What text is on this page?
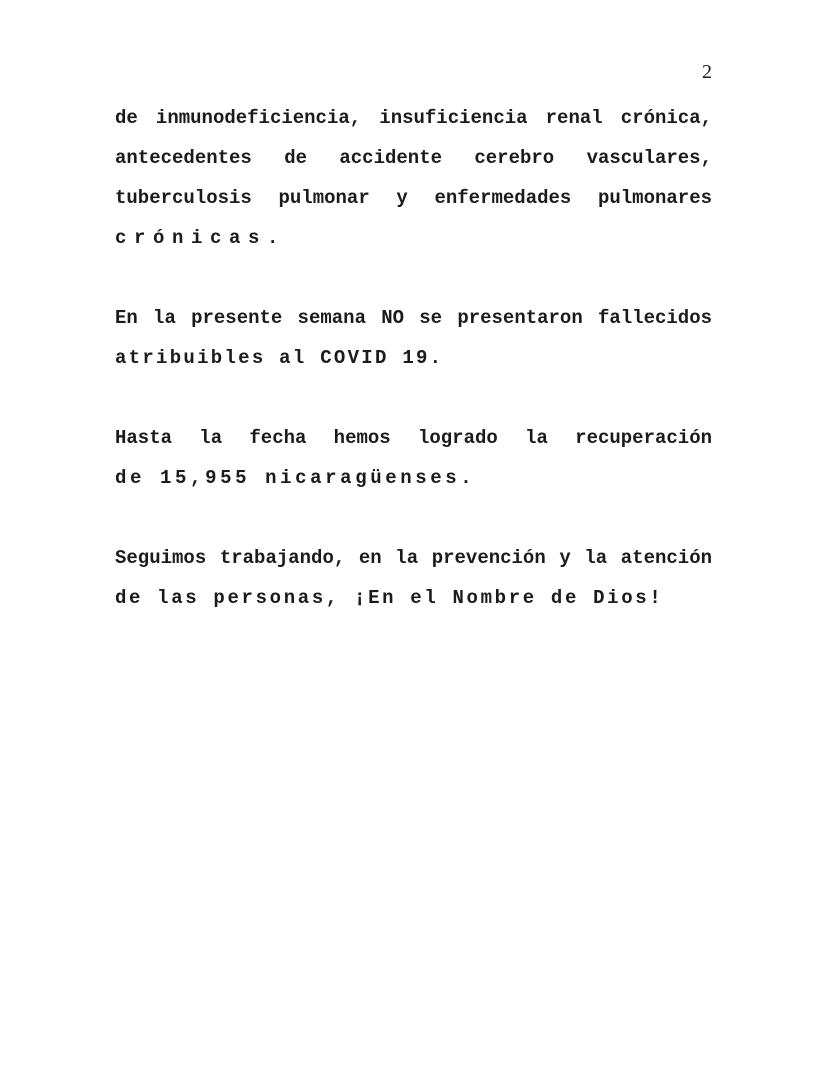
2
de inmunodeficiencia, insuficiencia renal crónica,
antecedentes de accidente cerebro vasculares,
tuberculosis pulmonar y enfermedades pulmonares
crónicas.
En la presente semana NO se presentaron fallecidos
atribuibles al COVID 19.
Hasta la fecha hemos logrado la recuperación
de 15,955 nicaragüenses.
Seguimos trabajando, en la prevención y la atención
de las personas, ¡En el Nombre de Dios!
